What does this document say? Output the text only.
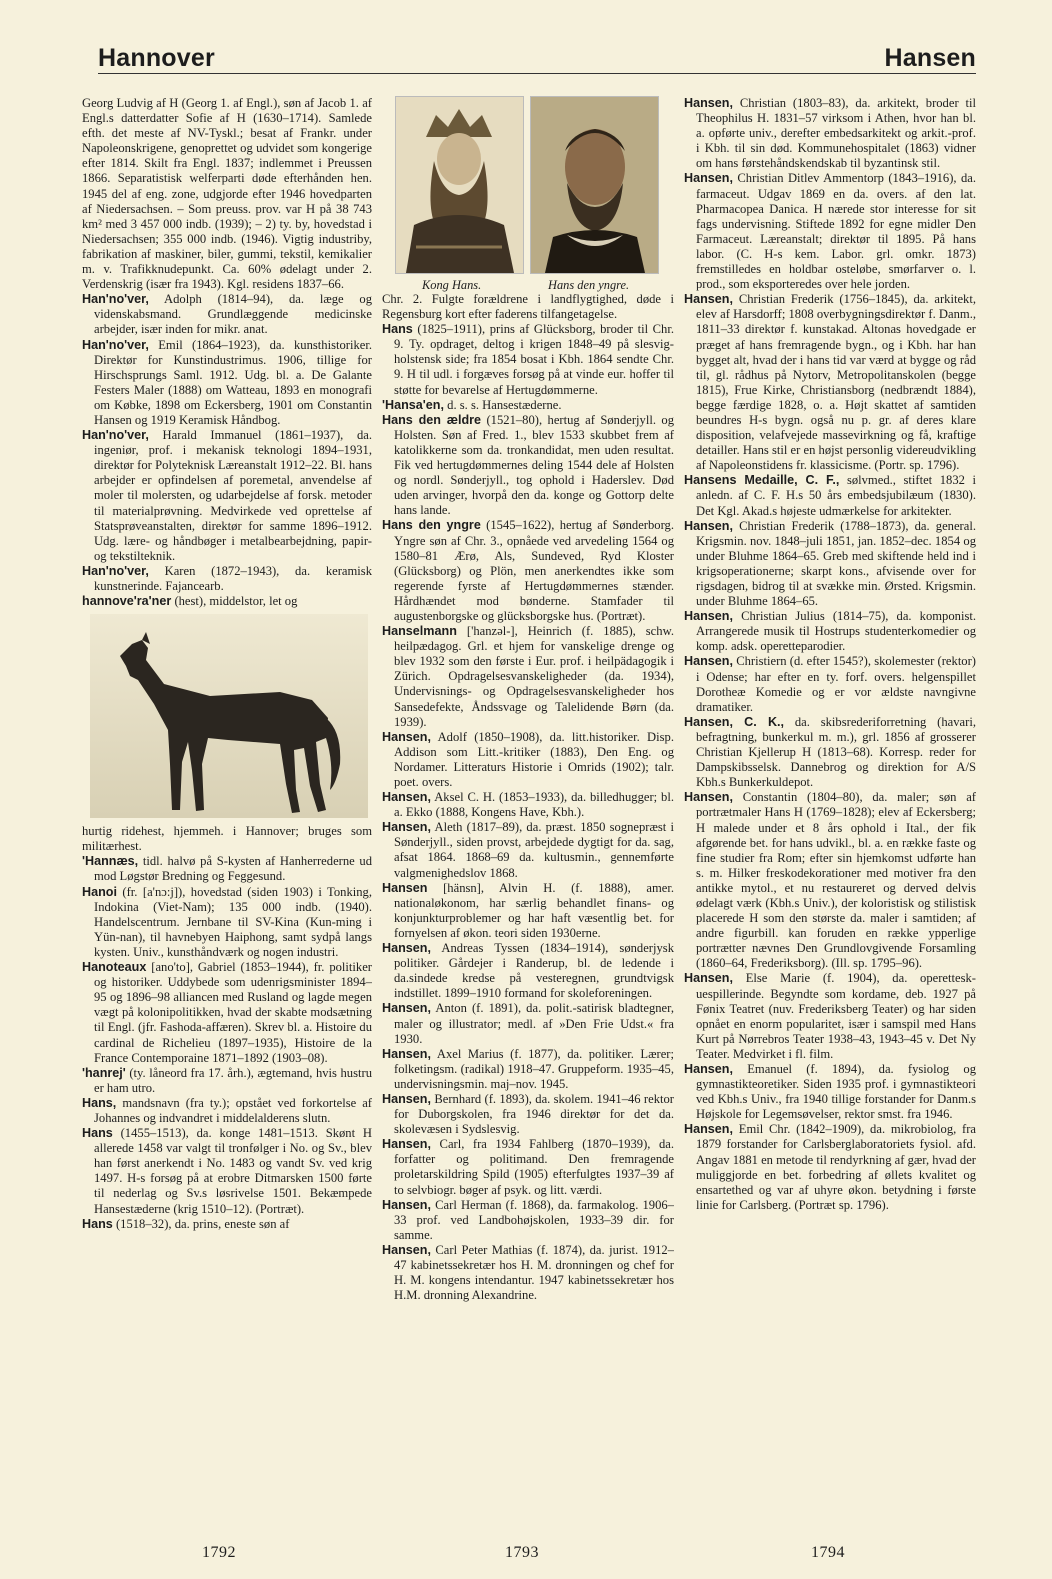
Hannover	Hansen

Georg Ludvig af H (Georg 1. af Engl.), søn af Jacob 1. af Engl.s datterdatter Sofie af H (1630–1714). Samlede efth. det meste af NV-Tyskl.; besat af Frankr. under Napoleonskrigene, genoprettet og udvidet som kongerige efter 1814. Skilt fra Engl. 1837; indlemmet i Preussen 1866. Separatistisk welferparti døde efterhånden hen. 1945 del af eng. zone, udgjorde efter 1946 hovedparten af Niedersachsen. – Som preuss. prov. var H på 38 743 km² med 3 457 000 indb. (1939); – 2) ty. by, hovedstad i Niedersachsen; 355 000 indb. (1946). Vigtig industriby, fabrikation af maskiner, biler, gummi, tekstil, kemikalier m. v. Trafikknudepunkt. Ca. 60% ødelagt under 2. Verdenskrig (især fra 1943). Kgl. residens 1837–66.

Han'no'ver, Adolph (1814–94), da. læge og videnskabsmand. Grundlæggende medicinske arbejder, især inden for mikr. anat.

Han'no'ver, Emil (1864–1923), da. kunsthistoriker. Direktør for Kunstindustrimus. 1906, tillige for Hirschsprungs Saml. 1912. Udg. bl. a. De Galante Festers Maler (1888) om Watteau, 1893 en monografi om Købke, 1898 om Eckersberg, 1901 om Constantin Hansen og 1919 Keramisk Håndbog.

Han'no'ver, Harald Immanuel (1861–1937), da. ingeniør, prof. i mekanisk teknologi 1894–1931, direktør for Polyteknisk Læreanstalt 1912–22. Bl. hans arbejder er opfindelsen af poremetal, anvendelse af moler til molersten, og udarbejdelse af forsk. metoder til materialprøvning. Medvirkede ved oprettelse af Statsprøveanstalten, direktør for samme 1896–1912. Udg. lære- og håndbøger i metalbearbejdning, papir- og tekstilteknik.

Han'no'ver, Karen (1872–1943), da. keramisk kunstnerinde. Fajancearb.

hannove'ra'ner (hest), middelstor, let og

hurtig ridehest, hjemmeh. i Hannover; bruges som militærhest.

'Hannæs, tidl. halvø på S-kysten af Hanherrederne ud mod Løgstør Bredning og Feggesund.

Hanoi (fr. [a'nɔ:j]), hovedstad (siden 1903) i Tonking, Indokina (Viet-Nam); 135 000 indb. (1940). Handelscentrum. Jernbane til SV-Kina (Kun-ming i Yün-nan), til havnebyen Haiphong, samt sydpå langs kysten. Univ., kunsthåndværk og nogen industri.

Hanoteaux [ano'to], Gabriel (1853–1944), fr. politiker og historiker. Uddybede som udenrigsminister 1894–95 og 1896–98 alliancen med Rusland og lagde megen vægt på kolonipolitikken, hvad der skabte modsætning til Engl. (jfr. Fashoda-affæren). Skrev bl. a. Histoire du cardinal de Richelieu (1897–1935), Histoire de la France Contemporaine 1871–1892 (1903–08).

'hanrej' (ty. låneord fra 17. årh.), ægtemand, hvis hustru er ham utro.

Hans, mandsnavn (fra ty.); opstået ved forkortelse af Johannes og indvandret i middelalderens slutn.

Hans (1455–1513), da. konge 1481–1513. Skønt H allerede 1458 var valgt til tronfølger i No. og Sv., blev han først anerkendt i No. 1483 og vandt Sv. ved krig 1497. H-s forsøg på at erobre Ditmarsken 1500 førte til nederlag og Sv.s løsrivelse 1501. Bekæmpede Hansestæderne (krig 1510–12). (Portræt).

Hans (1518–32), da. prins, eneste søn af

Kong Hans.	Hans den yngre.

Chr. 2. Fulgte forældrene i landflygtighed, døde i Regensburg kort efter faderens tilfangetagelse.

Hans (1825–1911), prins af Glücksborg, broder til Chr. 9. Ty. opdraget, deltog i krigen 1848–49 på slesvig-holstensk side; fra 1854 bosat i Kbh. 1864 sendte Chr. 9. H til udl. i forgæves forsøg på at vinde eur. hoffer til støtte for bevarelse af Hertugdømmerne.

'Hansa'en, d. s. s. Hansestæderne.

Hans den ældre (1521–80), hertug af Sønderjyll. og Holsten. Søn af Fred. 1., blev 1533 skubbet frem af katolikkerne som da. tronkandidat, men uden resultat. Fik ved hertugdømmernes deling 1544 dele af Holsten og nordl. Sønderjyll., tog ophold i Haderslev. Død uden arvinger, hvorpå den da. konge og Gottorp delte hans lande.

Hans den yngre (1545–1622), hertug af Sønderborg. Yngre søn af Chr. 3., opnåede ved arvedeling 1564 og 1580–81 Ærø, Als, Sundeved, Ryd Kloster (Glücksborg) og Plön, men anerkendtes ikke som regerende fyrste af Hertugdømmernes stænder. Hårdhændet mod bønderne. Stamfader til augustenborgske og glücksborgske hus. (Portræt).

Hanselmann ['hanzəl-], Heinrich (f. 1885), schw. heilpædagog. Grl. et hjem for vanskelige drenge og blev 1932 som den første i Eur. prof. i heilpädagogik i Zürich. Opdragelsesvanskeligheder (da. 1934), Undervisnings- og Opdragelsesvanskeligheder hos Sansedefekte, Åndssvage og Talelidende Børn (da. 1939).

Hansen, Adolf (1850–1908), da. litt.historiker. Disp. Addison som Litt.-kritiker (1883), Den Eng. og Nordamer. Litteraturs Historie i Omrids (1902); talr. poet. overs.

Hansen, Aksel C. H. (1853–1933), da. billedhugger; bl. a. Ekko (1888, Kongens Have, Kbh.).

Hansen, Aleth (1817–89), da. præst. 1850 sognepræst i Sønderjyll., siden provst, arbejdede dygtigt for da. sag, afsat 1864. 1868–69 da. kultusmin., gennemførte valgmenighedslov 1868.

Hansen [hänsn], Alvin H. (f. 1888), amer. nationaløkonom, har særlig behandlet finans- og konjunkturproblemer og har haft væsentlig bet. for fornyelsen af økon. teori siden 1930erne.

Hansen, Andreas Tyssen (1834–1914), sønderjysk politiker. Gårdejer i Randerup, bl. de ledende i da.sindede kredse på vesteregnen, grundtvigsk indstillet. 1899–1910 formand for skoleforeningen.

Hansen, Anton (f. 1891), da. polit.-satirisk bladtegner, maler og illustrator; medl. af »Den Frie Udst.« fra 1930.

Hansen, Axel Marius (f. 1877), da. politiker. Lærer; folketingsm. (radikal) 1918–47. Gruppeform. 1935–45, undervisningsmin. maj–nov. 1945.

Hansen, Bernhard (f. 1893), da. skolem. 1941–46 rektor for Duborgskolen, fra 1946 direktør for det da. skolevæsen i Sydslesvig.

Hansen, Carl, fra 1934 Fahlberg (1870–1939), da. forfatter og politimand. Den fremragende proletarskildring Spild (1905) efterfulgtes 1937–39 af to selvbiogr. bøger af psyk. og litt. værdi.

Hansen, Carl Herman (f. 1868), da. farmakolog. 1906–33 prof. ved Landbohøjskolen, 1933–39 dir. for samme.

Hansen, Carl Peter Mathias (f. 1874), da. jurist. 1912–47 kabinetssekretær hos H. M. dronningen og chef for H. M. kongens intendantur. 1947 kabinetssekretær hos H.M. dronning Alexandrine.

Hansen, Christian (1803–83), da. arkitekt, broder til Theophilus H. 1831–57 virksom i Athen, hvor han bl. a. opførte univ., derefter embedsarkitekt og arkit.-prof. i Kbh. til sin død. Kommunehospitalet (1863) vidner om hans førstehåndskendskab til byzantinsk stil.

Hansen, Christian Ditlev Ammentorp (1843–1916), da. farmaceut. Udgav 1869 en da. overs. af den lat. Pharmacopea Danica. H nærede stor interesse for sit fags undervisning. Stiftede 1892 for egne midler Den Farmaceut. Læreanstalt; direktør til 1895. På hans labor. (C. H-s kem. Labor. grl. omkr. 1873) fremstilledes en holdbar osteløbe, smørfarver o. l. prod., som eksporteredes over hele jorden.

Hansen, Christian Frederik (1756–1845), da. arkitekt, elev af Harsdorff; 1808 overbygningsdirektør f. Danm., 1811–33 direktør f. kunstakad. Altonas hovedgade er præget af hans fremragende bygn., og i Kbh. har han bygget alt, hvad der i hans tid var værd at bygge og råd til, gl. rådhus på Nytorv, Metropolitanskolen (begge 1815), Frue Kirke, Christiansborg (nedbrændt 1884), begge færdige 1828, o. a. Højt skattet af samtiden beundres H-s bygn. også nu p. gr. af deres klare disposition, velafvejede massevirkning og få, kraftige detailler. Hans stil er en højst personlig videreudvikling af Napoleonstidens fr. klassicisme. (Portr. sp. 1796).

Hansens Medaille, C. F., sølvmed., stiftet 1832 i anledn. af C. F. H.s 50 års embedsjubilæum (1830). Det Kgl. Akad.s højeste udmærkelse for arkitekter.

Hansen, Christian Frederik (1788–1873), da. general. Krigsmin. nov. 1848–juli 1851, jan. 1852–dec. 1854 og under Bluhme 1864–65. Greb med skiftende held ind i krigsoperationerne; skarpt kons., afvisende over for rigsdagen, bidrog til at svække min. Ørsted. Krigsmin. under Bluhme 1864–65.

Hansen, Christian Julius (1814–75), da. komponist. Arrangerede musik til Hostrups studenterkomedier og komp. adsk. operetteparodier.

Hansen, Christiern (d. efter 1545?), skolemester (rektor) i Odense; har efter en ty. forf. overs. helgenspillet Dorotheæ Komedie og er vor ældste navngivne dramatiker.

Hansen, C. K., da. skibsrederiforretning (havari, befragtning, bunkerkul m. m.), grl. 1856 af grosserer Christian Kjellerup H (1813–68). Korresp. reder for Dampskibsselsk. Dannebrog og direktion for A/S Kbh.s Bunkerkuldepot.

Hansen, Constantin (1804–80), da. maler; søn af portrætmaler Hans H (1769–1828); elev af Eckersberg; H malede under et 8 års ophold i Ital., der fik afgørende bet. for hans udvikl., bl. a. en række faste og fine studier fra Rom; efter sin hjemkomst udførte han s. m. Hilker freskodekorationer med motiver fra den antikke mytol., et nu restaureret og derved delvis ødelagt værk (Kbh.s Univ.), der koloristisk og stilistisk placerede H som den største da. maler i samtiden; af andre figurbill. kan foruden en række ypperlige portrætter nævnes Den Grundlovgivende Forsamling (1860–64, Frederiksborg). (Ill. sp. 1795–96).

Hansen, Else Marie (f. 1904), da. operetteskuespillerinde. Begyndte som kordame, deb. 1927 på Fønix Teatret (nuv. Frederiksberg Teater) og har siden opnået en enorm popularitet, især i samspil med Hans Kurt på Nørrebros Teater 1938–43, 1943–45 v. Det Ny Teater. Medvirket i fl. film.

Hansen, Emanuel (f. 1894), da. fysiolog og gymnastikteoretiker. Siden 1935 prof. i gymnastikteori ved Kbh.s Univ., fra 1940 tillige forstander for Danm.s Højskole for Legemsøvelser, rektor smst. fra 1946.

Hansen, Emil Chr. (1842–1909), da. mikrobiolog, fra 1879 forstander for Carlsberglaboratoriets fysiol. afd. Angav 1881 en metode til rendyrkning af gær, hvad der muliggjorde en bet. forbedring af øllets kvalitet og ensartethed og var af uhyre økon. betydning i første linie for Carlsberg. (Portræt sp. 1796).

1792	1793	1794
